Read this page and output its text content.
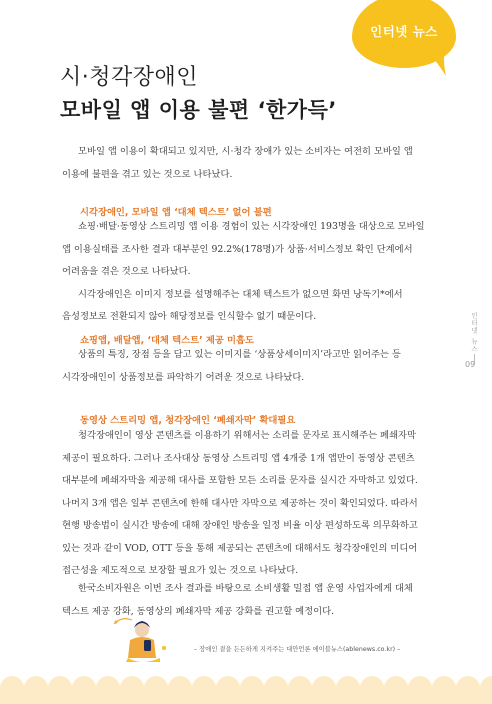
인터넷 뉴스
시·청각장애인
모바일 앱 이용 불편 ‘한가득’
모바일 앱 이용이 확대되고 있지만, 시·청각 장애가 있는 소비자는 여전히 모바일 앱
이용에 불편을 겪고 있는 것으로 나타났다.
시각장애인, 모바일 앱 ‘대체 텍스트’ 없어 불편
쇼핑·배달·동영상 스트리밍 앱 이용 경험이 있는 시각장애인 193명을 대상으로 모바일
앱 이용실태를 조사한 결과 대부분인 92.2%(178명)가 상품·서비스정보 확인 단계에서
어려움을 겪은 것으로 나타났다.
시각장애인은 이미지 정보를 설명해주는 대체 텍스트가 없으면 화면 낭독기*에서
음성정보로 전환되지 않아 해당정보를 인식할수 없기 때문이다.
쇼핑앱, 배달앱, ‘대체 텍스트’ 제공 미흡도
상품의 특징, 장점 등을 담고 있는 이미지를 ‘상품상세이미지’라고만 읽어주는 등
시각장애인이 상품정보를 파악하기 어려운 것으로 나타났다.
동영상 스트리밍 앱, 청각장애인 ‘폐쇄자막’ 확대필요
청각장애인이 영상 콘텐츠를 이용하기 위해서는 소리를 문자로 표시해주는 폐쇄자막
제공이 필요하다. 그러나 조사대상 동영상 스트리밍 앱 4개중 1개 앱만이 동영상 콘텐츠
대부분에 폐쇄자막을 제공해 대사를 포함한 모든 소리를 문자를 실시간 자막하고 있었다.
나머지 3개 앱은 일부 콘텐츠에 한해 대사만 자막으로 제공하는 것이 확인되었다. 따라서
현행 방송법이 실시간 방송에 대해 장애인 방송을 일정 비율 이상 편성하도록 의무화하고
있는 것과 같이 VOD, OTT 등을 통해 제공되는 콘텐츠에 대해서도 청각장애인의 미디어
접근성을 제도적으로 보장할 필요가 있는 것으로 나타났다.
한국소비자원은 이번 조사 결과를 바탕으로 소비생활 밀접 앱 운영 사업자에게 대체
텍스트 제공 강화, 동영상의 폐쇄자막 제공 강화를 권고할 예정이다.
인터넷 뉴스
09
– 장애인 곁을 든든하게 지켜주는 대안언론 에이블뉴스(ablenews.co.kr) –
